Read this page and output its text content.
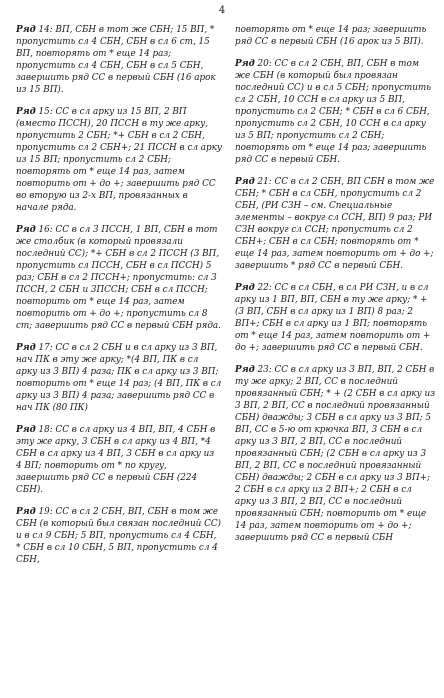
4

Ряд 14: ВП, СБН в тот же СБН; 15 ВП, * пропустить сл 4 СБН, СБН в сл 6 ст, 15 ВП, повторять от * еще 14 раз; пропустить сл 4 СБН, СБН в сл 5 СБН, завершить ряд СС в первый СБН (16 арок из 15 ВП).

Ряд 15: СС в сл арку из 15 ВП, 2 ВП (вместо ПССН), 20 ПССН в ту же арку, пропустить 2 СБН; *+ СБН в сл 2 СБН, пропустить сл 2 СБН+; 21 ПССН в сл арку из 15 ВП; пропустить сл 2 СБН; повторять от * еще 14 раз, затем повторить от + до +; завершить ряд СС во вторую из 2-х ВП, провязанных в начале ряда.

Ряд 16: СС в сл 3 ПССН, 1 ВП, СБН в тот же столбик (в который провязали последний СС); *+ СБН в сл 2 ПССН (3 ВП, пропустить сл ПССН, СБН в сл ПССН) 5 раз; СБН в сл 2 ПССН+; пропустить: сл 3 ПССН, 2 СБН и 3ПССН; СБН в сл ПССН; повторить от * еще 14 раз, затем повторить от + до +; пропустить сл 8 ст; завершить ряд СС в первый СБН ряда.

Ряд 17: СС в сл 2 СБН и в сл арку из 3 ВП, нач ПК в эту же арку; *(4 ВП, ПК в сл арку из 3 ВП) 4 раза; ПК в сл арку из 3 ВП; повторить от * еще 14 раз; (4 ВП, ПК в сл арку из 3 ВП) 4 раза; завершить ряд СС в нач ПК (80 ПК)

Ряд 18: СС в сл арку из 4 ВП, ВП, 4 СБН в эту же арку, 3 СБН в сл арку из 4 ВП, *4 СБН в сл арку из 4 ВП, 3 СБН в сл арку из 4 ВП; повторить от * по кругу, завершить ряд СС в первый СБН (224 СБН).

Ряд 19: СС в сл 2 СБН, ВП, СБН в том же СБН (в который был связан последний СС) и в сл 9 СБН; 5 ВП, пропустить сл 4 СБН, * СБН в сл 10 СБН, 5 ВП, пропустить сл 4 СБН,

повторять от * еще 14 раз; завершить ряд СС в первый СБН (16 арок из 5 ВП).

Ряд 20: СС в сл 2 СБН, ВП, СБН в том же СБН (в который был провязан последний СС) и в сл 5 СБН; пропустить сл 2 СБН, 10 ССН в сл арку из 5 ВП, пропустить сл 2 СБН; * СБН в сл 6 СБН, пропустить сл 2 СБН, 10 ССН в сл арку из 5 ВП; пропустить сл 2 СБН; повторять от * еще 14 раз; завершить ряд СС в первый СБН.

Ряд 21: СС в сл 2 СБН, ВП СБН в том же СБН; * СБН в сл СБН, пропустить сл 2 СБН, (РИ СЗН – см. Специальные элементы – вокруг сл ССН, ВП) 9 раз; РИ СЗН вокруг сл ССН; пропустить сл 2 СБН+; СБН в сл СБН; повторять от * еще 14 раз, затем повторить от + до +; завершить * ряд СС в первый СБН.

Ряд 22: СС в сл СБН, в сл РИ СЗН, и в сл арку из 1 ВП, ВП, СБН в ту же арку; * + (3 ВП, СБН в сл арку из 1 ВП) 8 раз; 2 ВП+; СБН в сл арку из 1 ВП; повторять от * еще 14 раз, затем повторить от + до +; завершить ряд СС в первый СБН.

Ряд 23: СС в сл арку из 3 ВП, ВП, 2 СБН в ту же арку; 2 ВП, СС в последний провязанный СБН; * + (2 СБН в сл арку из 3 ВП, 2 ВП, СС в последний провязанный СБН) дважды; 3 СБН в сл арку из 3 ВП; 5 ВП, СС в 5-ю от крючка ВП, 3 СБН в сл арку из 3 ВП, 2 ВП, СС в последний провязанный СБН; (2 СБН в сл арку из 3 ВП, 2 ВП, СС в последний провязанный СБН) дважды; 2 СБН в сл арку из 3 ВП+; 2 СБН в сл арку из 2 ВП+; 2 СБН в сл арку из 3 ВП, 2 ВП, СС в последний провязанный СБН; повторить от * еще 14 раз, затем повторить от + до +; завершить ряд СС в первый СБН
